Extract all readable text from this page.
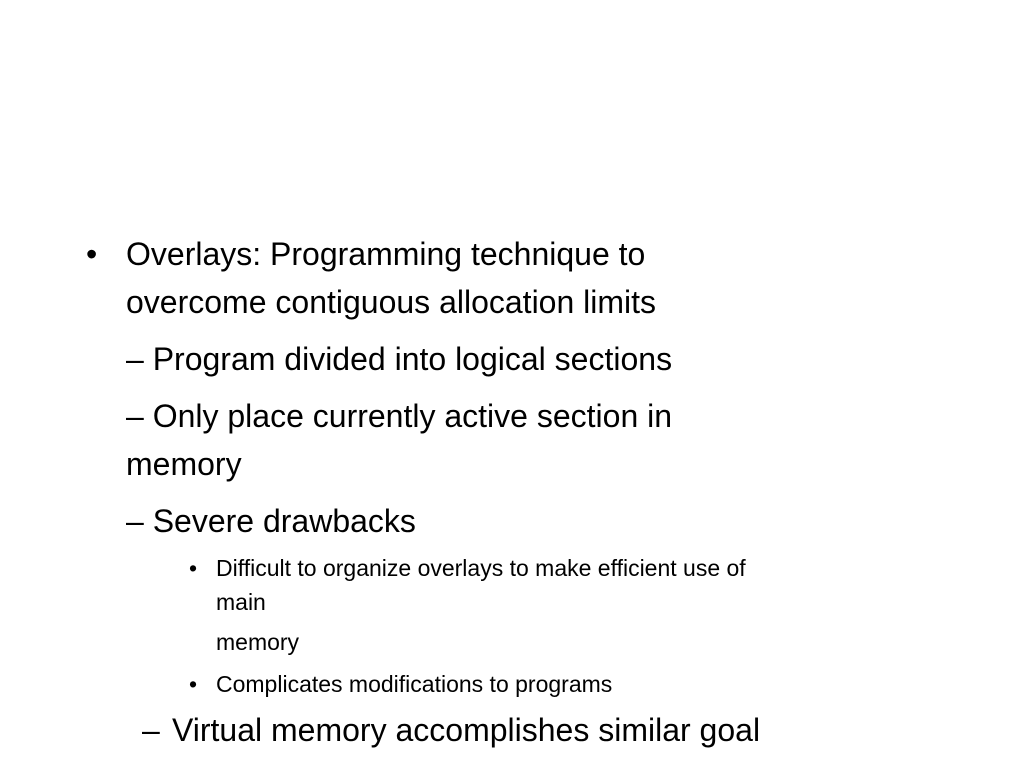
• Overlays: Programming technique to
overcome contiguous allocation limits
– Program divided into logical sections
– Only place currently active section in
memory
– Severe drawbacks
• Difficult to organize overlays to make efficient use of
main
memory
• Complicates modifications to programs
– Virtual memory accomplishes similar goal
